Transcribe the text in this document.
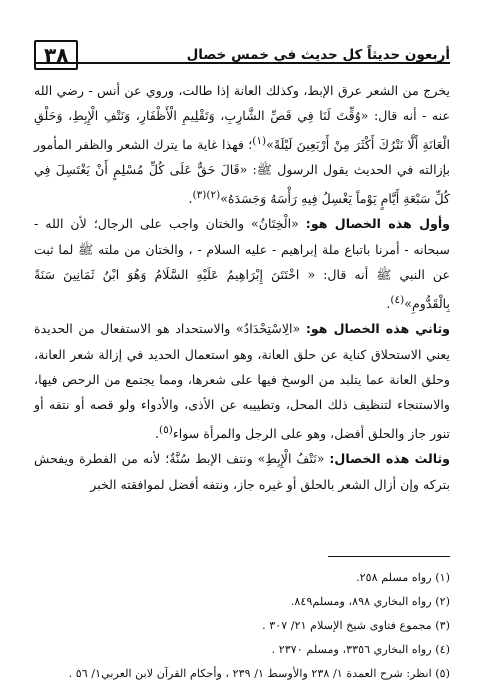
أربعون حديثاً كل حديث في خمس خصال
٣٨

يخرج من الشعر عرق الإبط، وكذلك العانة إذا طالت، وروي عن أنس - رضي الله عنه - أنه قال: «وُقِّتَ لَنَا فِي قَصِّ الشَّارِبِ، وَتَقْلِيمِ الْأَظْفَارِ، وَنَتْفِ الْإِبِطِ، وَحَلْقِ الْعَانَةِ أَلَّا نَتْرُكَ أَكْثَرَ مِنْ أَرْبَعِينَ لَيْلَةً»$^{(١)}$؛ فهذا غاية ما يترك الشعر والظفر المأمور بإزالته في الحديث يقول الرسول ﷺ: «قَالَ حَقٌّ عَلَى كُلِّ مُسْلِمٍ أَنْ يَغْتَسِلَ فِي كُلِّ سَبْعَةِ أَيَّامٍ يَوْماً يَغْسِلُ فِيهِ رَأْسَهُ وَجَسَدَهُ»$^{(٢)(٣)}$.

وأول هذه الخصال هو: «الْخِتَانُ» والختان واجب على الرجال؛ لأن الله - سبحانه - أمرنا باتباع ملة إبراهيم - عليه السلام - ، والختان من ملته ﷺ لما ثبت عن النبي ﷺ أنه قال: « اخْتَتَنَ إِبْرَاهِيمُ عَلَيْهِ السَّلَامُ وَهُوَ ابْنُ ثَمَانِينَ سَنَةً بِالْقَدُّومِ»$^{(٤)}$.

وثاني هذه الخصال هو: «الِاسْتِحْدَادُ» والاستحداد هو الاستفعال من الحديدة يعني الاستحلاق كناية عن حلق العانة، وهو استعمال الحديد في إزالة شعر العانة، وحلق العانة عما يتلبد من الوسخ فيها على شعرها، ومما يجتمع من الرحص فيها، والاستنجاء لتنظيف ذلك المحل، وتطييبه عن الأذى، والأدواء ولو قصه أو نتفه أو تنور جاز والحلق أفضل، وهو على الرجل والمرأة سواء$^{(٥)}$.

وثالث هذه الخصال: «نَتْفُ الْإِبِطِ» ونتف الإبط سُنَّةٌ؛ لأنه من الفطرة ويفحش بتركه وإن أزال الشعر بالحلق أو غيره جاز، ونتفه أفضل لموافقته الخبر

(١) رواه مسلم ٢٥٨.
(٢) رواه البخاري ٨٩٨، ومسلم٨٤٩.
(٣) مجموع فتاوى شيخ الإسلام ٢١/ ٣٠٧ .
(٤) رواه البخاري ٣٣٥٦، ومسلم ٢٣٧٠ .
(٥) انظر: شرح العمدة ١/ ٢٣٨ والأوسط ١/ ٢٣٩ ، وأحكام القرآن لابن العربي١/ ٥٦ .
